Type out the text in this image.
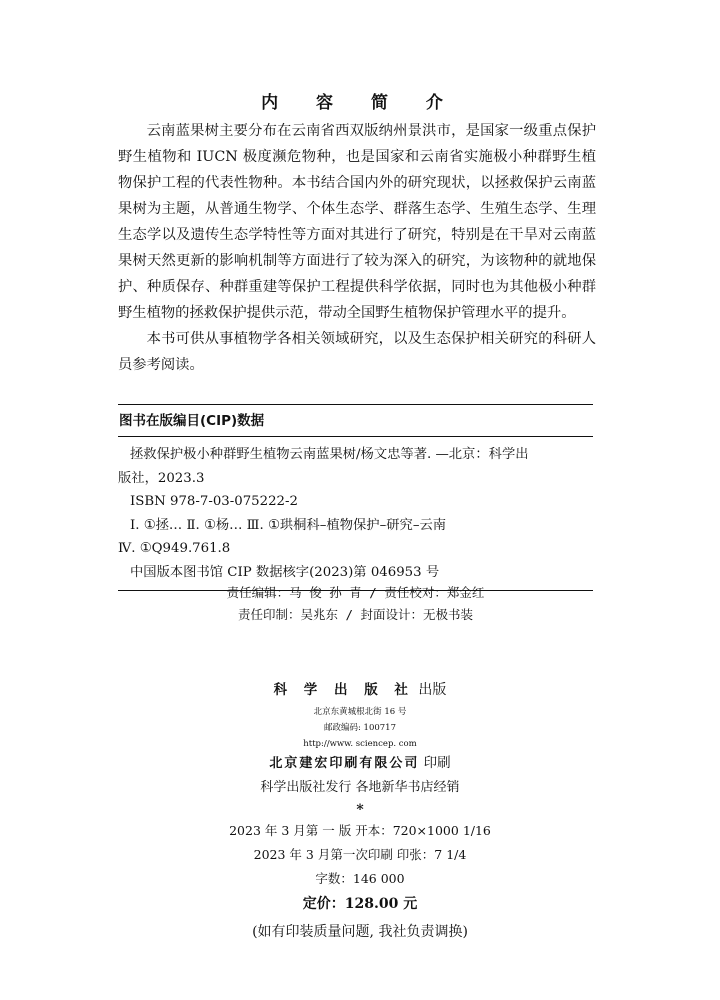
内 容 简 介

云南蓝果树主要分布在云南省西双版纳州景洪市，是国家一级重点保护野生植物和 IUCN 极度濒危物种，也是国家和云南省实施极小种群野生植物保护工程的代表性物种。本书结合国内外的研究现状，以拯救保护云南蓝果树为主题，从普通生物学、个体生态学、群落生态学、生殖生态学、生理生态学以及遗传生态学特性等方面对其进行了研究，特别是在干旱对云南蓝果树天然更新的影响机制等方面进行了较为深入的研究，为该物种的就地保护、种质保存、种群重建等保护工程提供科学依据，同时也为其他极小种群野生植物的拯救保护提供示范，带动全国野生植物保护管理水平的提升。

本书可供从事植物学各相关领域研究，以及生态保护相关研究的科研人员参考阅读。

图书在版编目(CIP)数据

拯救保护极小种群野生植物云南蓝果树/杨文忠等著. —北京：科学出

版社，2023.3

ISBN 978-7-03-075222-2

Ⅰ. ①拯… Ⅱ. ①杨… Ⅲ. ①珙桐科–植物保护–研究–云南

Ⅳ. ①Q949.761.8

中国版本图书馆 CIP 数据核字(2023)第 046953 号

责任编辑：马 俊 孙 青 / 责任校对：郑金红

责任印制：吴兆东 / 封面设计：无极书装

科 学 出 版 社 出版

北京东黄城根北街 16 号

邮政编码: 100717

http://www. sciencep. com

北京建宏印刷有限公司 印刷

科学出版社发行 各地新华书店经销

*

2023 年 3 月第 一 版 开本：720×1000 1/16

2023 年 3 月第一次印刷 印张：7 1/4

字数：146 000

定价：128.00 元

(如有印装质量问题, 我社负责调换)
